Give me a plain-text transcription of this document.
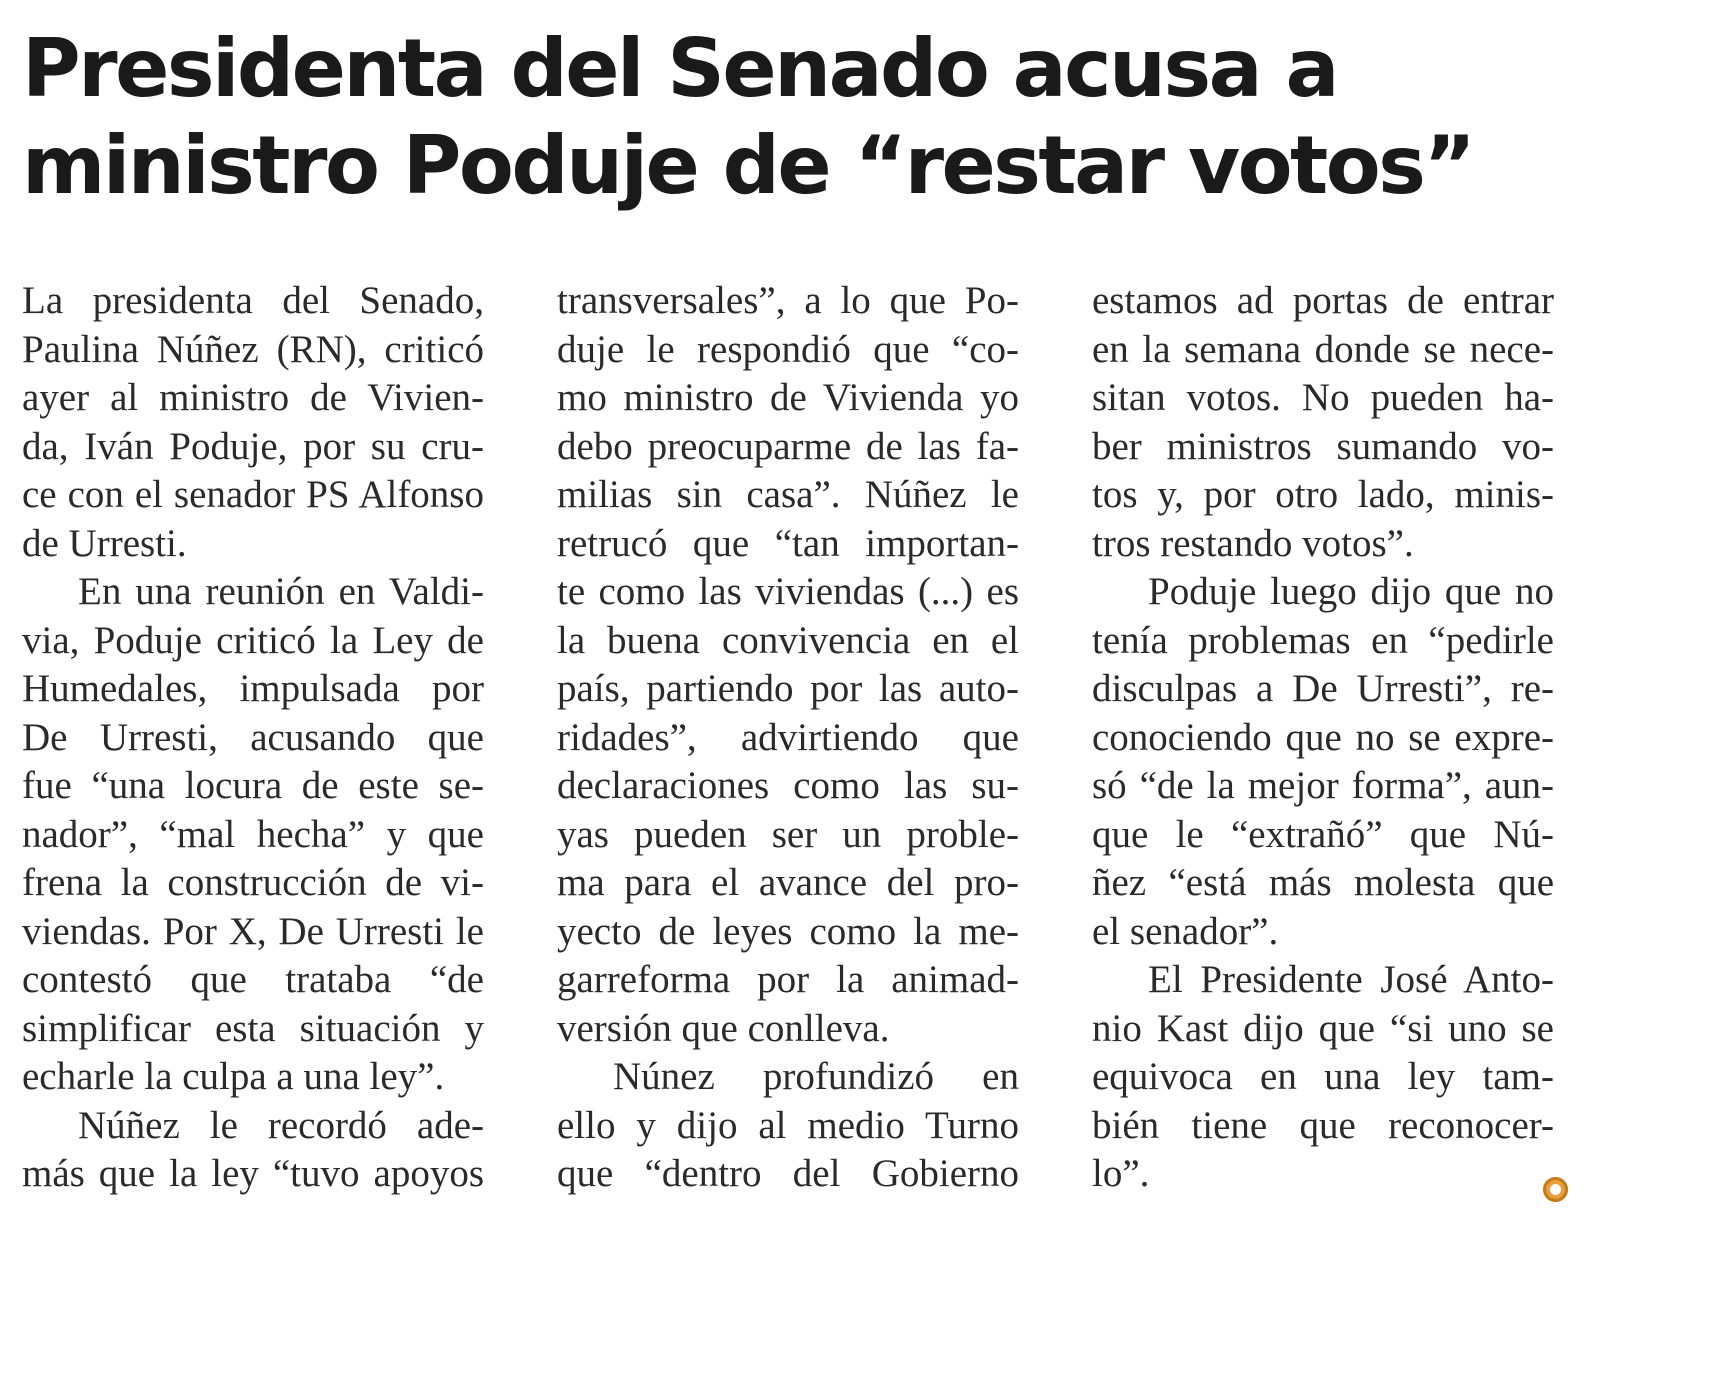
Presidenta del Senado acusa a
ministro Poduje de “restar votos”
La presidenta del Senado,
Paulina Núñez (RN), criticó
ayer al ministro de Vivien-
da, Iván Poduje, por su cru-
ce con el senador PS Alfonso
de Urresti.
En una reunión en Valdi-
via, Poduje criticó la Ley de
Humedales, impulsada por
De Urresti, acusando que
fue “una locura de este se-
nador”, “mal hecha” y que
frena la construcción de vi-
viendas. Por X, De Urresti le
contestó que trataba “de
simplificar esta situación y
echarle la culpa a una ley”.
Núñez le recordó ade-
más que la ley “tuvo apoyos
transversales”, a lo que Po-
duje le respondió que “co-
mo ministro de Vivienda yo
debo preocuparme de las fa-
milias sin casa”. Núñez le
retrucó que “tan importan-
te como las viviendas (...) es
la buena convivencia en el
país, partiendo por las auto-
ridades”, advirtiendo que
declaraciones como las su-
yas pueden ser un proble-
ma para el avance del pro-
yecto de leyes como la me-
garreforma por la animad-
versión que conlleva.
Núnez profundizó en
ello y dijo al medio Turno
que “dentro del Gobierno
estamos ad portas de entrar
en la semana donde se nece-
sitan votos. No pueden ha-
ber ministros sumando vo-
tos y, por otro lado, minis-
tros restando votos”.
Poduje luego dijo que no
tenía problemas en “pedirle
disculpas a De Urresti”, re-
conociendo que no se expre-
só “de la mejor forma”, aun-
que le “extrañó” que Nú-
ñez “está más molesta que
el senador”.
El Presidente José Anto-
nio Kast dijo que “si uno se
equivoca en una ley tam-
bién tiene que reconocer-
lo”.
